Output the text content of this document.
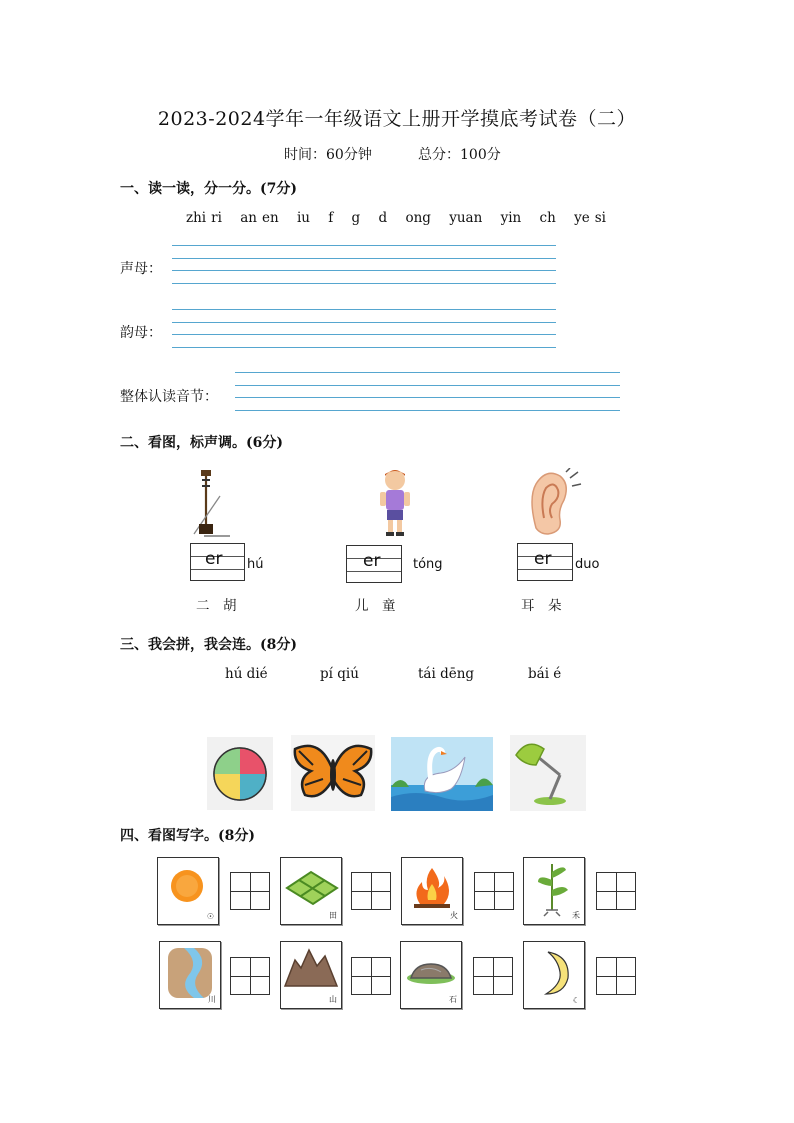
2023-2024学年一年级语文上册开学摸底考试卷（二）
时间：60分钟	总分：100分
一、读一读，分一分。(7分)
zhi ri an en iu f g d ong yuan yin ch ye si
声母：
韵母：
整体认读音节：
二、看图，标声调。(6分)
er hú
二　胡
er	tóng
儿　童
er duo
耳　朵
三、我会拼，我会连。(8分)
hú dié	pí qiú	tái dēng	bái é
四、看图写字。(8分)
☉	田	火	禾
川	山	石	☾
